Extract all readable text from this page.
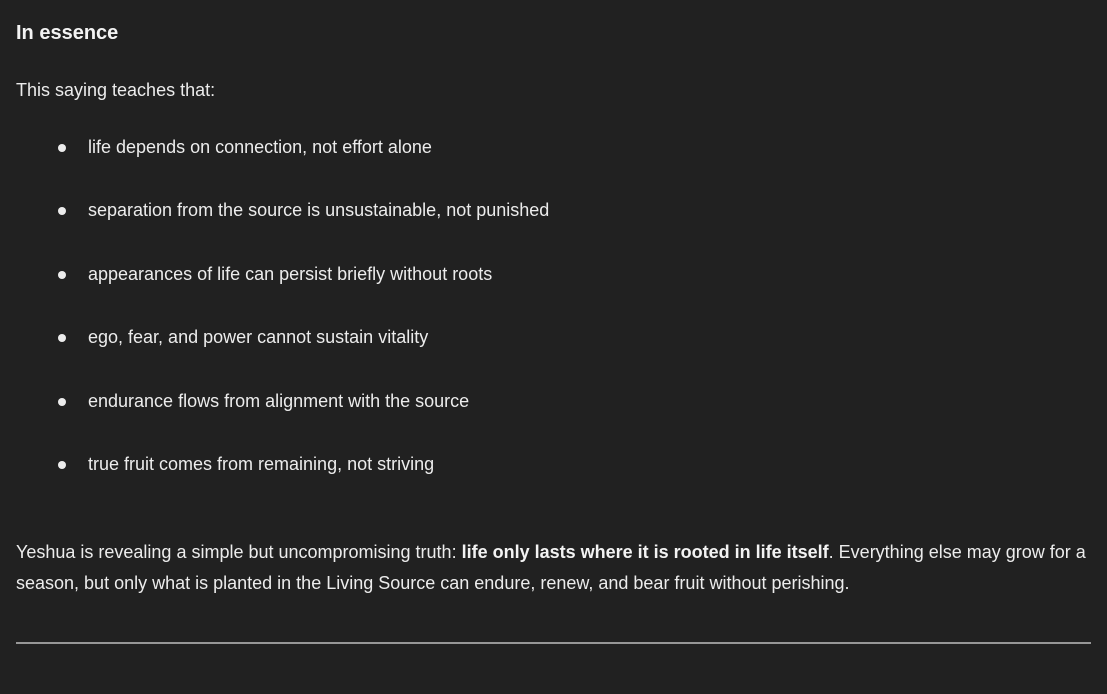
In essence

This saying teaches that:

life depends on connection, not effort alone
separation from the source is unsustainable, not punished
appearances of life can persist briefly without roots
ego, fear, and power cannot sustain vitality
endurance flows from alignment with the source
true fruit comes from remaining, not striving

Yeshua is revealing a simple but uncompromising truth: life only lasts where it is rooted in life itself. Everything else may grow for a season, but only what is planted in the Living Source can endure, renew, and bear fruit without perishing.
